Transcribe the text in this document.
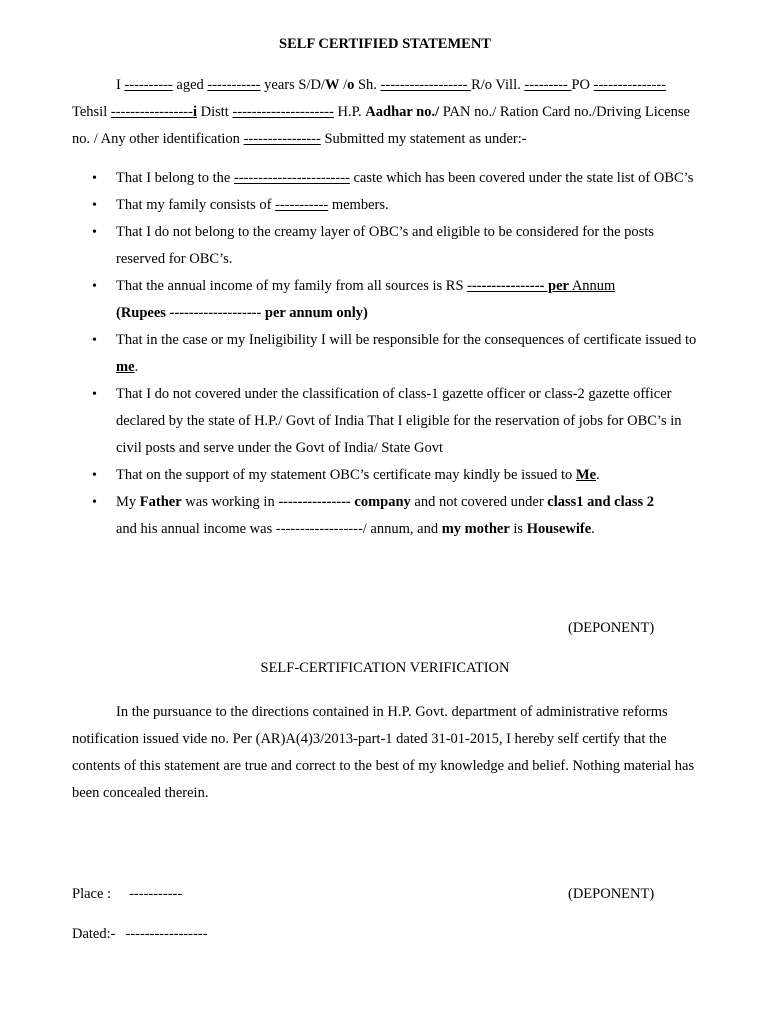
SELF CERTIFIED STATEMENT
I ---------- aged ----------- years S/D/W /o Sh. ------------------ R/o Vill. --------- PO --------------- Tehsil -----------------i Distt --------------------- H.P. Aadhar no./ PAN no./ Ration Card no./Driving License no. / Any other identification ---------------- Submitted my statement as under:-
• That I belong to the ------------------------ caste which has been covered under the state list of OBC’s
• That my family consists of ----------- members.
• That I do not belong to the creamy layer of OBC’s and eligible to be considered for the posts reserved for OBC’s.
• That the annual income of my family from all sources is RS ---------------- per Annum
(Rupees ------------------- per annum only)
• That in the case or my Ineligibility I will be responsible for the consequences of certificate issued to me.
• That I do not covered under the classification of class-1 gazette officer or class-2 gazette officer declared by the state of H.P./ Govt of India That I eligible for the reservation of jobs for OBC’s in civil posts and serve under the Govt of India/ State Govt
• That on the support of my statement OBC’s certificate may kindly be issued to Me.
• My Father was working in --------------- company and not covered under class1 and class 2
and his annual income was ------------------/ annum, and my mother is Housewife.
(DEPONENT)
SELF-CERTIFICATION VERIFICATION
In the pursuance to the directions contained in H.P. Govt. department of administrative reforms notification issued vide no. Per (AR)A(4)3/2013-part-1 dated 31-01-2015, I hereby self certify that the contents of this statement are true and correct to the best of my knowledge and belief. Nothing material has been concealed therein.
Place : -----------	(DEPONENT)
Dated:- -----------------
